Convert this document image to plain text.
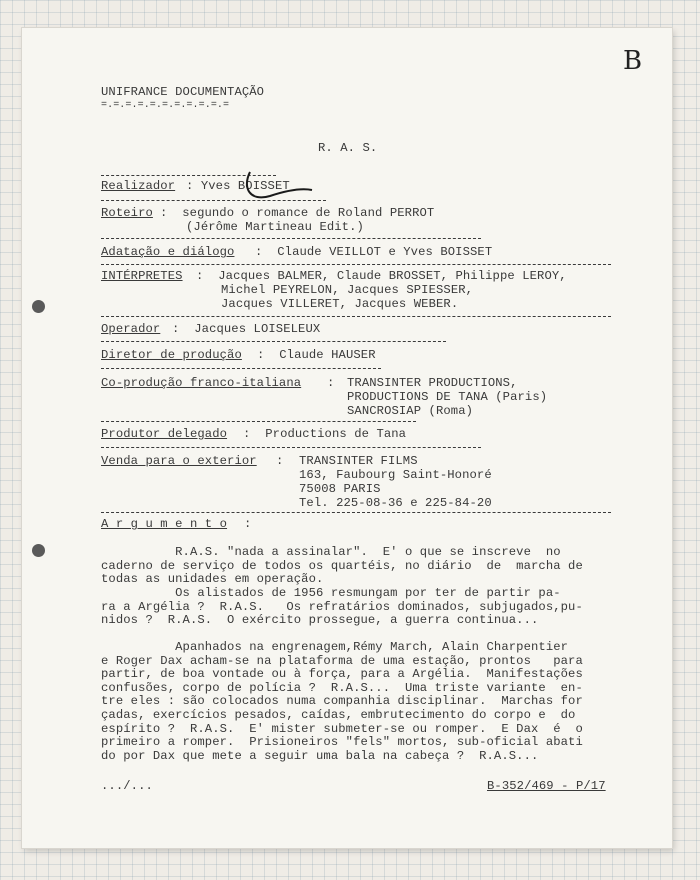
B
UNIFRANCE DOCUMENTAÇÃO
=.=.=.=.=.=.=.=.=.=.=
R. A. S.
Realizador : Yves BOISSET
Roteiro :  segundo o romance de Roland PERROT
(Jérôme Martineau Edit.)
Adatação e diálogo :  Claude VEILLOT e Yves BOISSET
INTÉRPRETES :  Jacques BALMER, Claude BROSSET, Philippe LEROY,
Michel PEYRELON, Jacques SPIESSER,
Jacques VILLERET, Jacques WEBER.
Operador :  Jacques LOISELEUX
Diretor de produção :  Claude HAUSER
Co-produção franco-italiana : TRANSINTER PRODUCTIONS,
PRODUCTIONS DE TANA (Paris)
SANCROSIAP (Roma)
Produtor delegado :  Productions de Tana
Venda para o exterior : TRANSINTER FILMS
163, Faubourg Saint-Honoré
75008 PARIS
Tel. 225-08-36 e 225-84-20
A r g u m e n t o :
R.A.S. "nada a assinalar".  E' o que se inscreve  no
caderno de serviço de todos os quartéis, no diário  de  marcha de
todas as unidades em operação.
Os alistados de 1956 resmungam por ter de partir pa-
ra a Argélia ?  R.A.S.   Os refratários dominados, subjugados,pu-
nidos ?  R.A.S.  O exército prossegue, a guerra continua...
Apanhados na engrenagem,Rémy March, Alain Charpentier
e Roger Dax acham-se na plataforma de uma estação, prontos   para
partir, de boa vontade ou à força, para a Argélia.  Manifestações
confusões, corpo de polícia ?  R.A.S...  Uma triste variante  en-
tre eles : são colocados numa companhia disciplinar.  Marchas for
çadas, exercícios pesados, caídas, embrutecimento do corpo e  do
espírito ?  R.A.S.  E' mister submeter-se ou romper.  E Dax  é  o
primeiro a romper.  Prisioneiros "fels" mortos, sub-oficial abati
do por Dax que mete a seguir uma bala na cabeça ?  R.A.S...
.../...	B-352/469 - P/17
